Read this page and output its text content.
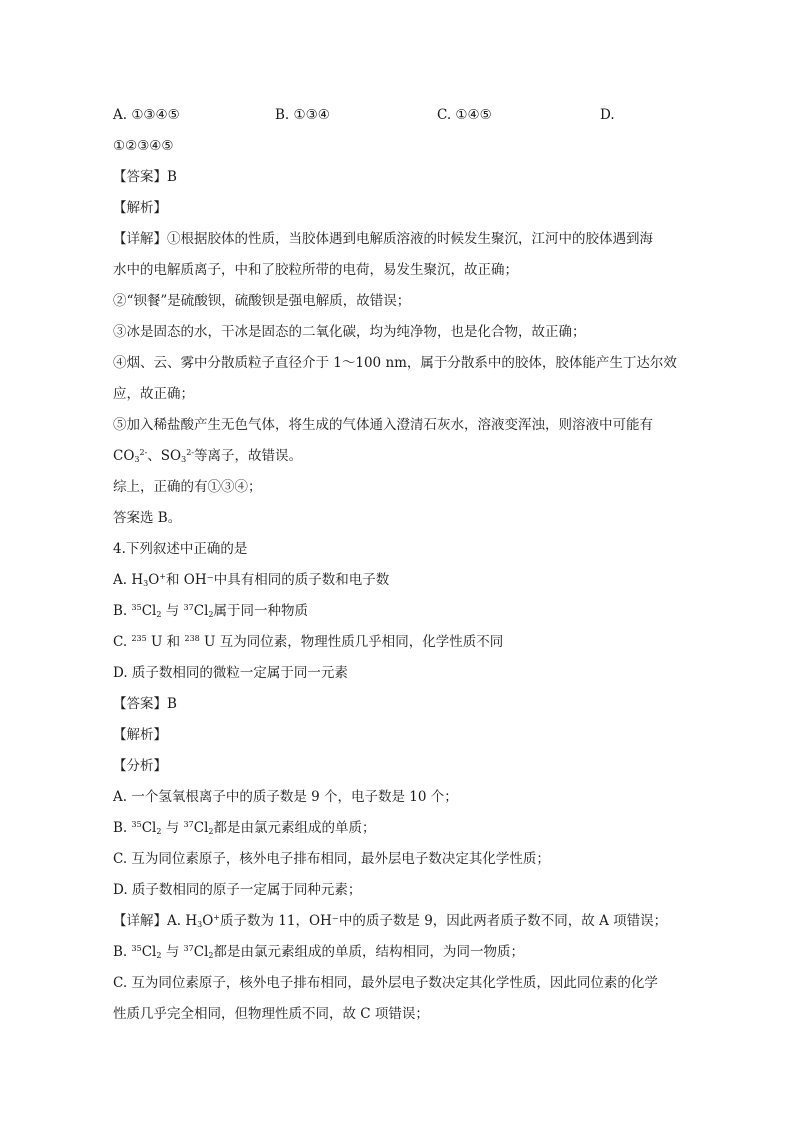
A. ①③④⑤	B. ①③④	C. ①④⑤	D.
①②③④⑤
【答案】B
【解析】
【详解】①根据胶体的性质，当胶体遇到电解质溶液的时候发生聚沉，江河中的胶体遇到海
水中的电解质离子，中和了胶粒所带的电荷，易发生聚沉，故正确；
②“钡餐”是硫酸钡，硫酸钡是强电解质，故错误；
③冰是固态的水，干冰是固态的二氧化碳，均为纯净物，也是化合物，故正确；
④烟、云、雾中分散质粒子直径介于 1～100 nm，属于分散系中的胶体，胶体能产生丁达尔效
应，故正确；
⑤加入稀盐酸产生无色气体，将生成的气体通入澄清石灰水，溶液变浑浊，则溶液中可能有
$CO_3^{2-}$、$SO_3^{2-}$等离子，故错误。
综上，正确的有①③④；
答案选 B。
4.下列叙述中正确的是
A. $H_3O^+$和 OH⁻中具有相同的质子数和电子数
B. $^{35}Cl_2$ 与 $^{37}Cl_2$属于同一种物质
C. $^{235}$ U 和 $^{238}$ U 互为同位素，物理性质几乎相同，化学性质不同
D. 质子数相同的微粒一定属于同一元素
【答案】B
【解析】
【分析】
A. 一个氢氧根离子中的质子数是 9 个，电子数是 10 个；
B. $^{35}Cl_2$ 与 $^{37}Cl_2$都是由氯元素组成的单质；
C. 互为同位素原子，核外电子排布相同，最外层电子数决定其化学性质；
D. 质子数相同的原子一定属于同种元素；
【详解】A. $H_3O^+$质子数为 11，OH⁻中的质子数是 9，因此两者质子数不同，故 A 项错误；
B. $^{35}Cl_2$ 与 $^{37}Cl_2$都是由氯元素组成的单质，结构相同，为同一物质；
C. 互为同位素原子，核外电子排布相同，最外层电子数决定其化学性质，因此同位素的化学
性质几乎完全相同，但物理性质不同，故 C 项错误；
